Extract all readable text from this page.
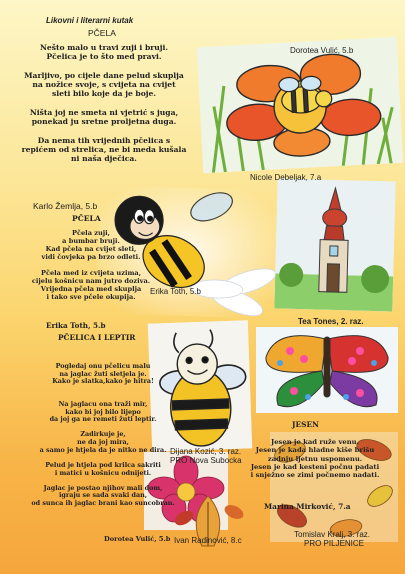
Likovni i literarni kutak
PČELA
Nešto malo u travi zuji i bruji.
Pčelica je to što med pravi.

Marljivo, po cijele dane pelud skuplja
na nožice svoje, s cvijeta na cvijet
sleti bilo koje da je boje.

Ništa joj ne smeta ni vjetrić s juga,
ponekad ju sretne proljetna duga.

Da nema tih vrijednih pčelica s
repićem od strelica, ne bi meda kušala
ni naša dječica.
Karlo Žemlja, 5.b
PČELA
Pčela zuji,
a bumbar bruji.
Kad pčela na cvijet sleti,
vidi čovjeka pa brzo odleti.

Pčela med iz cvijeta uzima,
cijelu košnicu nam jutro doziva.
Vrijedna pčela med skuplja
i tako sve pčele okupija.
Erika Toth, 5.b
PČELICA I LEPTIR
Pogledaj onu pčelicu malu
na jaglac žuti sletjela je.
Kako je slatka,kako je hitra!

Na jaglacu ona traži mir,
kako bi joj bilo lijepo
da joj ga ne remeti žuti leptir.

Zadirkuje je,
ne da joj mira,
a samo je htjela da je nitko ne dira.

Pelud je htjela pod krilca sakriti
i matici u košnicu odnijeti.

Jaglac je postao njihov mali dom,
igraju se sada svaki dan,
od sunca ih jaglac brani kao suncobran.
Dorotea Vulić, 5.b
JESEN
Jesen je kad ruže venu.
Jesen je kada hladne kiše brišu
zadnju ljetnu uspomenu.
Jesen je kad kesteni počnu padati
i snježno se zimi počnemo nadati.
Marina Mirković, 7.a
Dorotea Vulić, 5.b
Nicole Debeljak, 7.a
Erika Toth, 5.b
Tea Tones, 2. raz.
Dijana Kozić, 3. raz.
PRO Nova Subocka
Ivan Radinović, 8.c
Tomislav Kralj, 3. raz.
PRO PILJENICE
